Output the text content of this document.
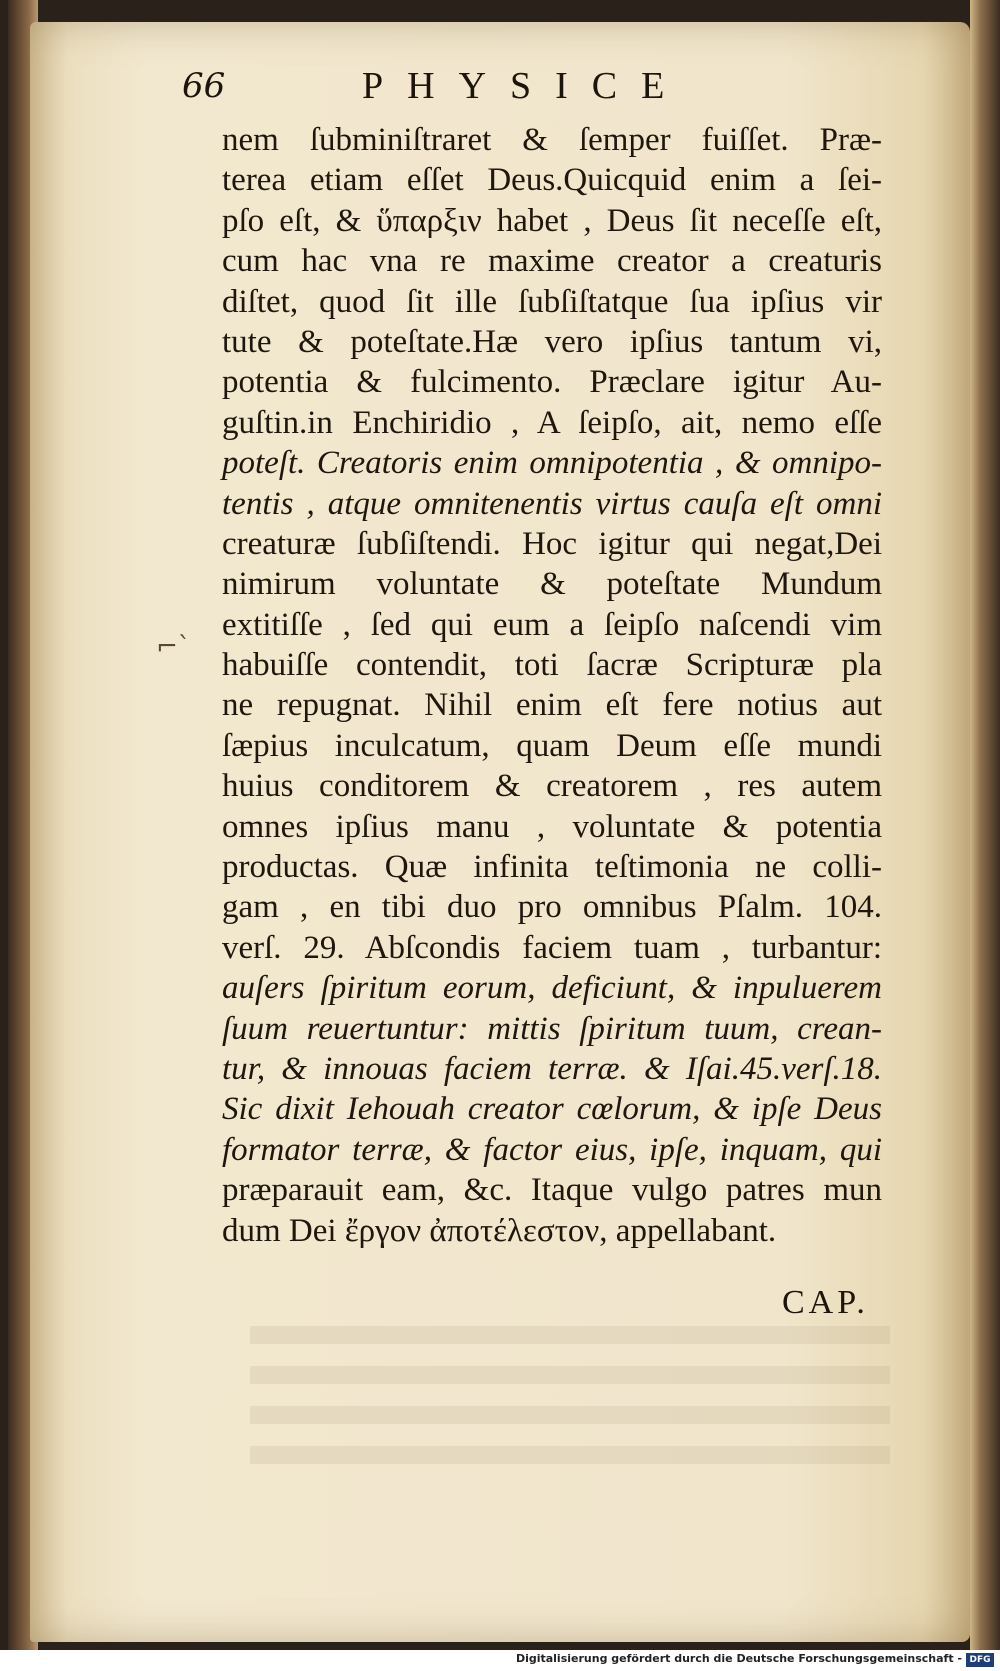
66	PHYSICE
⌐ˋ
nem ſubminiſtraret & ſemper fuiſſet. Præ-
terea etiam eſſet Deus.Quicquid enim a ſei-
pſo eſt, & ὕπαρξιν habet , Deus ſit neceſſe eſt,
cum hac vna re maxime creator a creaturis
diſtet, quod ſit ille ſubſiſtatque ſua ipſius vir
tute & poteſtate.Hæ vero ipſius tantum vi,
potentia & fulcimento. Præclare igitur Au-
guſtin.in Enchiridio , A ſeipſo, ait, nemo eſſe
poteſt. Creatoris enim omnipotentia , & omnipo-
tentis , atque omnitenentis virtus cauſa eſt omni
creaturæ ſubſiſtendi. Hoc igitur qui negat,Dei
nimirum voluntate & poteſtate Mundum
extitiſſe , ſed qui eum a ſeipſo naſcendi vim
habuiſſe contendit, toti ſacræ Scripturæ pla
ne repugnat. Nihil enim eſt fere notius aut
ſæpius inculcatum, quam Deum eſſe mundi
huius conditorem & creatorem , res autem
omnes ipſius manu , voluntate & potentia
productas. Quæ infinita teſtimonia ne colli-
gam , en tibi duo pro omnibus Pſalm. 104.
verſ. 29. Abſcondis faciem tuam , turbantur:
auſers ſpiritum eorum, deficiunt, & inpuluerem
ſuum reuertuntur: mittis ſpiritum tuum, crean-
tur, & innouas faciem terræ. & Iſai.45.verſ.18.
Sic dixit Iehouah creator cœlorum, & ipſe Deus
formator terræ, & factor eius, ipſe, inquam, qui
præparauit eam, &c. Itaque vulgo patres mun
dum Dei ἔργον ἀποτέλεστον, appellabant.
CAP.
Digitalisierung gefördert durch die Deutsche Forschungsgemeinschaft - DFG
